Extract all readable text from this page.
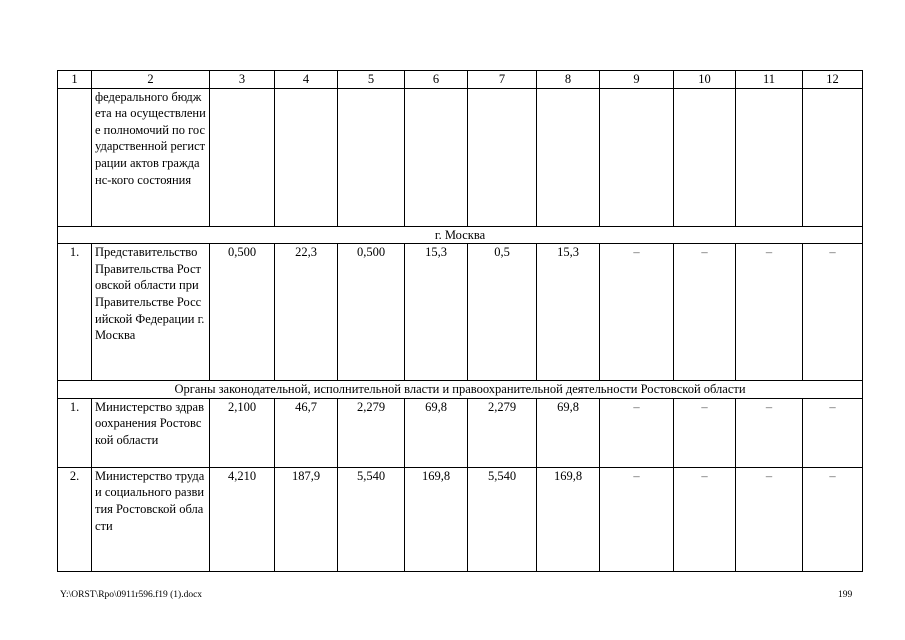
1	2	3	4	5	6	7	8	9	10	11	12
	федерального бюджета на осуществление полномочий по государственной регистрации актов гражданс-кого состояния										
г. Москва											
1.	Представительство Правительства Ростовской области при Правительстве Российской Федерации г. Москва	0,500	22,3	0,500	15,3	0,5	15,3	–	–	–	–
Органы законодательной, исполнительной власти и правоохранительной деятельности Ростовской области											
1.	Министерство здравоохранения Ростовской области	2,100	46,7	2,279	69,8	2,279	69,8	–	–	–	–
2.	Министерство труда и социального развития Ростовской области	4,210	187,9	5,540	169,8	5,540	169,8	–	–	–	–
Y:\ORST\Rpo\0911r596.f19 (1).docx	199
